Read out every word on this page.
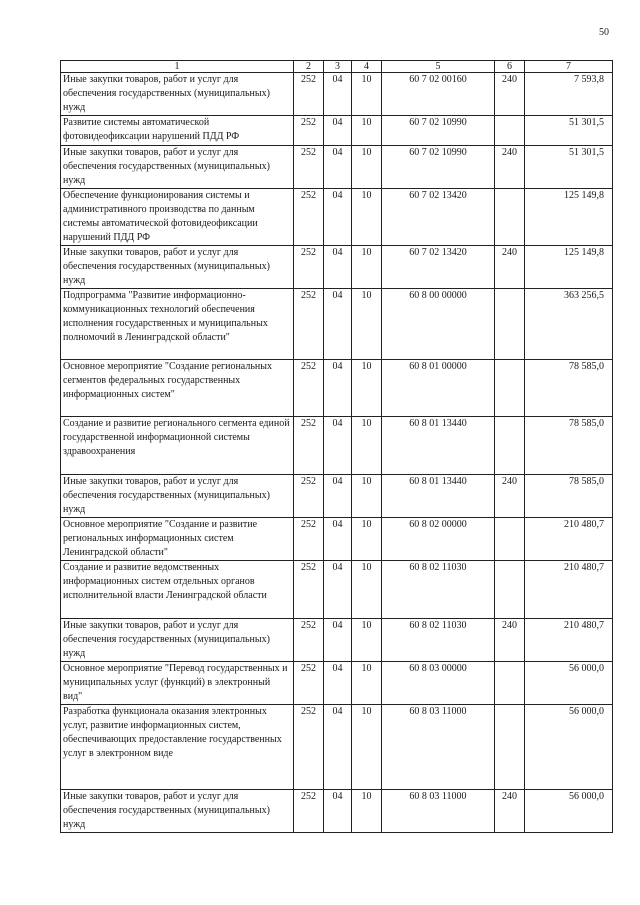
50
1	2	3	4	5	6	7
Иные закупки товаров, работ и услуг для обеспечения государственных (муниципальных) нужд	252	04	10	60 7 02 00160	240	7 593,8
Развитие системы автоматической фотовидеофиксации нарушений ПДД РФ	252	04	10	60 7 02 10990		51 301,5
Иные закупки товаров, работ и услуг для обеспечения государственных (муниципальных) нужд	252	04	10	60 7 02 10990	240	51 301,5
Обеспечение функционирования системы и административного производства по данным системы автоматической фотовидеофиксации нарушений ПДД РФ	252	04	10	60 7 02 13420		125 149,8
Иные закупки товаров, работ и услуг для обеспечения государственных (муниципальных) нужд	252	04	10	60 7 02 13420	240	125 149,8
Подпрограмма "Развитие информационно-коммуникационных технологий обеспечения исполнения государственных и муниципальных полномочий в Ленинградской области"	252	04	10	60 8 00 00000		363 256,5
Основное мероприятие "Создание региональных сегментов федеральных государственных информационных систем"	252	04	10	60 8 01 00000		78 585,0
Создание и развитие регионального сегмента единой государственной информационной системы здравоохранения	252	04	10	60 8 01 13440		78 585,0
Иные закупки товаров, работ и услуг для обеспечения государственных (муниципальных) нужд	252	04	10	60 8 01 13440	240	78 585,0
Основное мероприятие "Создание и развитие региональных информационных систем Ленинградской области"	252	04	10	60 8 02 00000		210 480,7
Создание и развитие ведомственных информационных систем отдельных органов исполнительной власти Ленинградской области	252	04	10	60 8 02 11030		210 480,7
Иные закупки товаров, работ и услуг для обеспечения государственных (муниципальных) нужд	252	04	10	60 8 02 11030	240	210 480,7
Основное мероприятие "Перевод государственных и муниципальных услуг (функций) в электронный вид"	252	04	10	60 8 03 00000		56 000,0
Разработка функционала оказания электронных услуг, развитие информационных систем, обеспечивающих предоставление государственных услуг в электронном виде	252	04	10	60 8 03 11000		56 000,0
Иные закупки товаров, работ и услуг для обеспечения государственных (муниципальных) нужд	252	04	10	60 8 03 11000	240	56 000,0
